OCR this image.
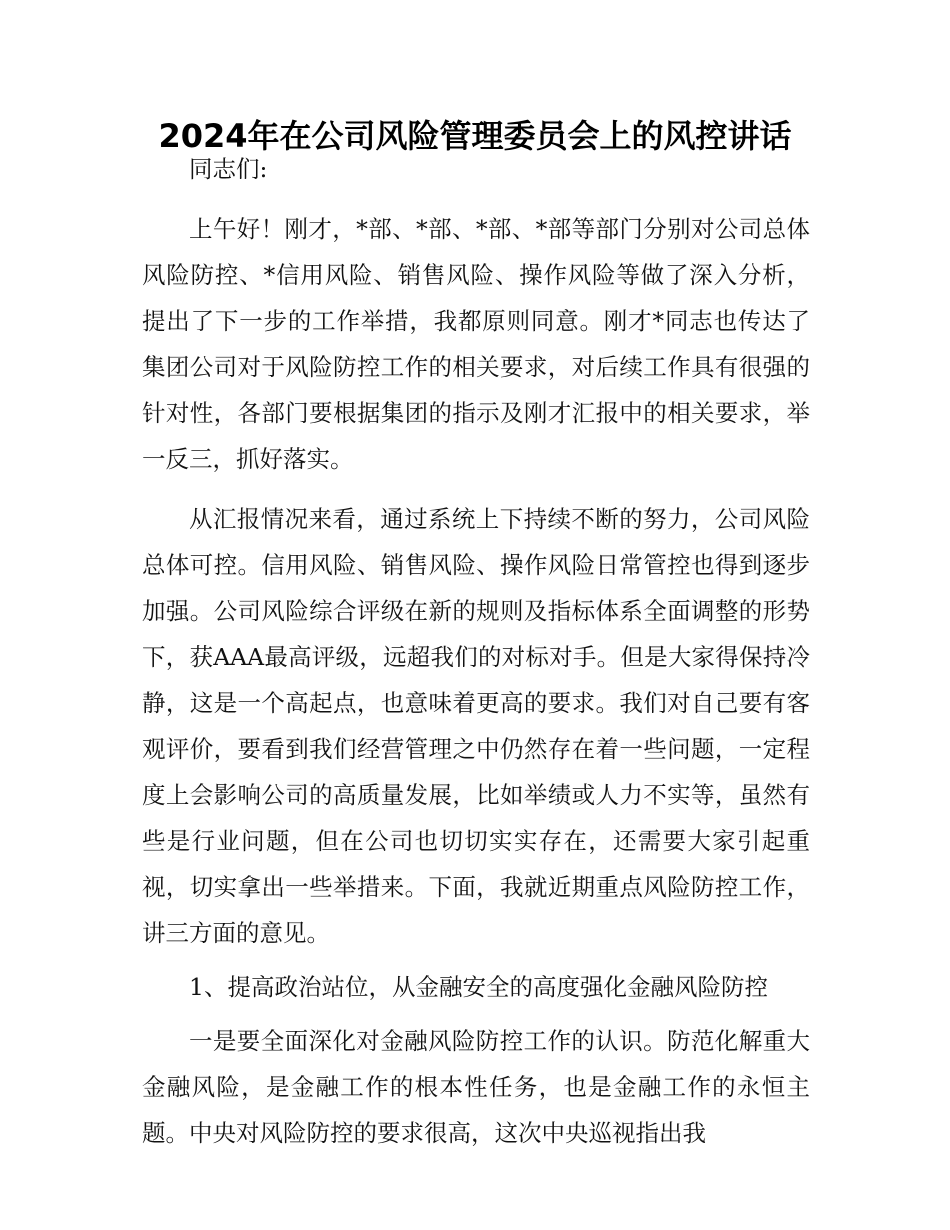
2024年在公司风险管理委员会上的风控讲话

同志们:

上午好！刚才，*部、*部、*部、*部等部门分别对公司总体风险防控、*信用风险、销售风险、操作风险等做了深入分析，提出了下一步的工作举措，我都原则同意。刚才*同志也传达了集团公司对于风险防控工作的相关要求，对后续工作具有很强的针对性，各部门要根据集团的指示及刚才汇报中的相关要求，举一反三，抓好落实。

从汇报情况来看，通过系统上下持续不断的努力，公司风险总体可控。信用风险、销售风险、操作风险日常管控也得到逐步加强。公司风险综合评级在新的规则及指标体系全面调整的形势下，获AAA最高评级，远超我们的对标对手。但是大家得保持冷静，这是一个高起点，也意味着更高的要求。我们对自己要有客观评价，要看到我们经营管理之中仍然存在着一些问题，一定程度上会影响公司的高质量发展，比如举绩或人力不实等，虽然有些是行业问题，但在公司也切切实实存在，还需要大家引起重视，切实拿出一些举措来。下面，我就近期重点风险防控工作，讲三方面的意见。

1、提高政治站位，从金融安全的高度强化金融风险防控

一是要全面深化对金融风险防控工作的认识。防范化解重大金融风险，是金融工作的根本性任务，也是金融工作的永恒主题。中央对风险防控的要求很高，这次中央巡视指出我
